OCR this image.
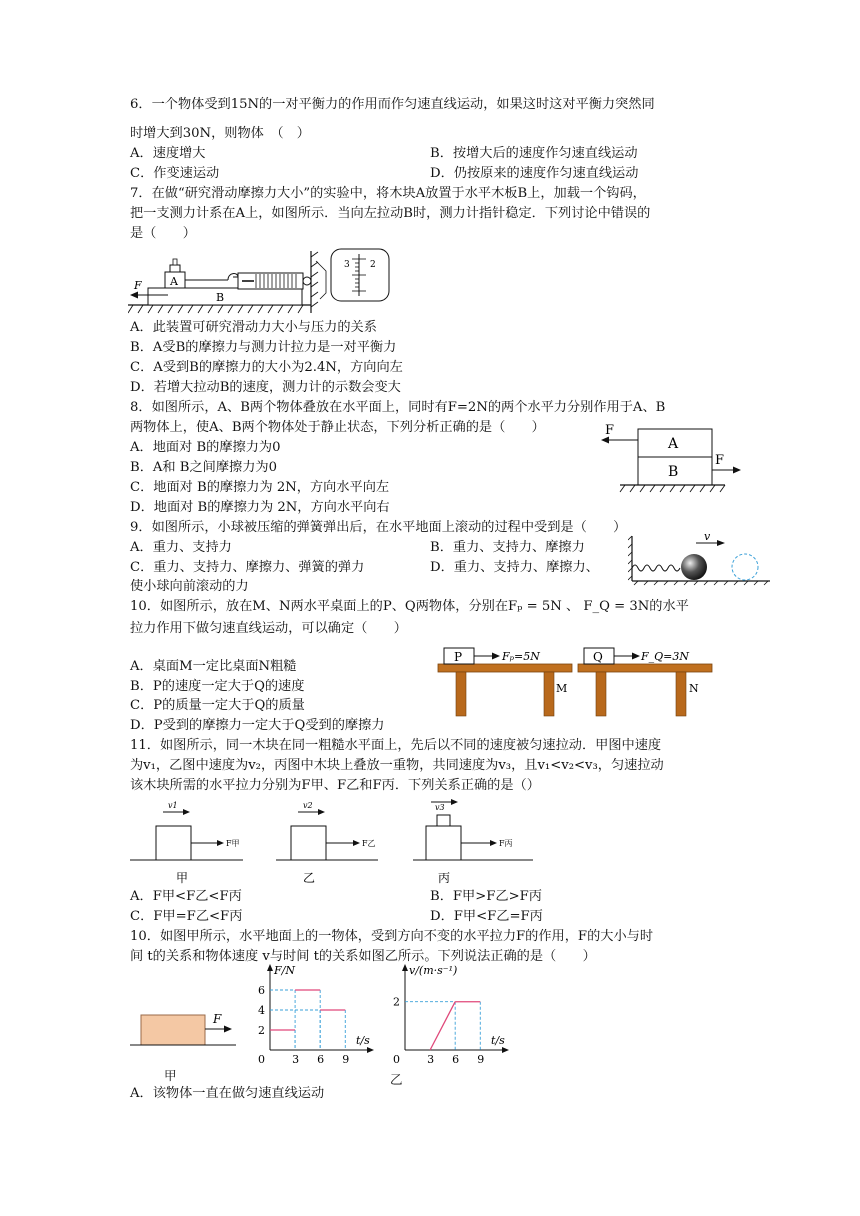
6．一个物体受到15N的一对平衡力的作用而作匀速直线运动，如果这时这对平衡力突然同
时增大到30N，则物体　（　）
A．速度增大	B．按增大后的速度作匀速直线运动
C．作变速运动	D．仍按原来的速度作匀速直线运动
7．在做“研究滑动摩擦力大小”的实验中，将木块A放置于水平木板B上，加载一个钩码，
把一支测力计系在A上，如图所示．当向左拉动B时，测力计指针稳定．下列讨论中错误的
是（　　）
B
A
F
3 2
A．此装置可研究滑动力大小与压力的关系
B．A受B的摩擦力与测力计拉力是一对平衡力
C．A受到B的摩擦力的大小为2.4N，方向向左
D．若增大拉动B的速度，测力计的示数会变大
8．如图所示，A、B两个物体叠放在水平面上，同时有F=2N的两个水平力分别作用于A、B
两物体上，使A、B两个物体处于静止状态，下列分析正确的是（　　）
A．地面对 B的摩擦力为0
B．A和 B之间摩擦力为0
C．地面对 B的摩擦力为 2N，方向水平向左
D．地面对 B的摩擦力为 2N，方向水平向右
A
B
F
F
9．如图所示，小球被压缩的弹簧弹出后，在水平地面上滚动的过程中受到是（　　）
A．重力、支持力	B．重力、支持力、摩擦力
C．重力、支持力、摩擦力、弹簧的弹力	D．重力、支持力、摩擦力、
使小球向前滚动的力
v
10．如图所示，放在M、N两水平桌面上的P、Q两物体，分别在Fₚ = 5N 、 F_Q = 3N的水平
拉力作用下做匀速直线运动，可以确定（　　）
A．桌面M一定比桌面N粗糙
B．P的速度一定大于Q的速度
C．P的质量一定大于Q的质量
D．P受到的摩擦力一定大于Q受到的摩擦力
P	Fₚ=5N
M
Q	F_Q=3N
N
11．如图所示，同一木块在同一粗糙水平面上，先后以不同的速度被匀速拉动．甲图中速度
为v₁，乙图中速度为v₂，丙图中木块上叠放一重物，共同速度为v₃，且v₁<v₂<v₃，匀速拉动
该木块所需的水平拉力分别为F甲、F乙和F丙．下列关系正确的是（）
v1
F甲
v2
F乙
v3
F丙
甲	乙	丙
A．F甲<F乙<F丙	B．F甲>F乙>F丙
C．F甲=F乙<F丙	D．F甲<F乙=F丙
10．如图甲所示，水平地面上的一物体，受到方向不变的水平拉力F的作用，F的大小与时
间 t的关系和物体速度 v与时间 t的关系如图乙所示。下列说法正确的是（　　）
F
甲
F/N
t/s
0 3 6 9
2
4
6
v/(m·s⁻¹)
t/s
0 3 6 9
2
乙
A．该物体一直在做匀速直线运动
